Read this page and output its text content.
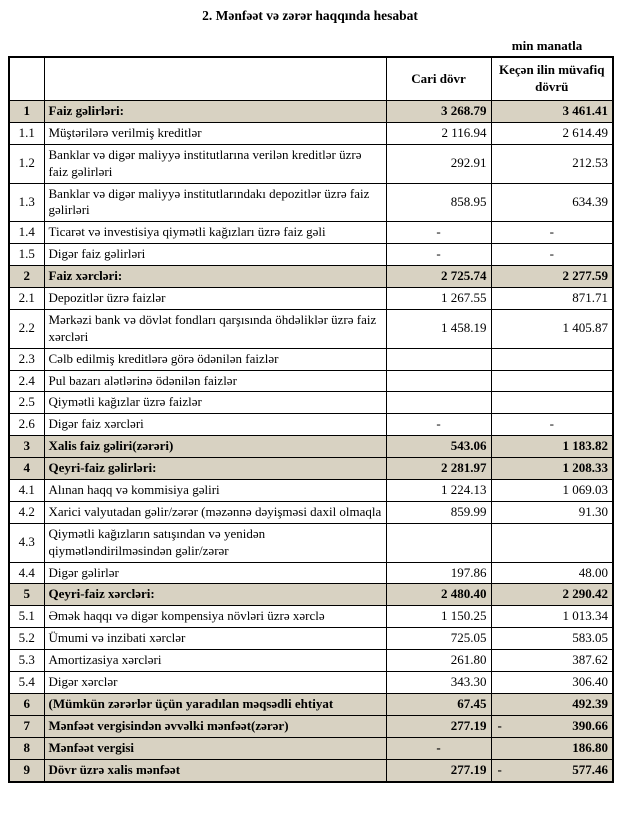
2. Mənfəət və zərər haqqında hesabat
min manatla
		Cari dövr	Keçən ilin müvafiq dövrü
1	Faiz gəlirləri:	3 268.79	3 461.41
1.1	Müştərilərə verilmiş kreditlər	2 116.94	2 614.49
1.2	Banklar və digər maliyyə institutlarına verilən kreditlər üzrə faiz gəlirləri	292.91	212.53
1.3	Banklar və digər maliyyə institutlarındakı depozitlər üzrə faiz gəlirləri	858.95	634.39
1.4	Ticarət və investisiya qiymətli kağızları üzrə faiz gəli	-	-
1.5	Digər faiz gəlirləri	-	-
2	Faiz xərcləri:	2 725.74	2 277.59
2.1	Depozitlər üzrə faizlər	1 267.55	871.71
2.2	Mərkəzi bank və dövlət fondları qarşısında öhdəliklər üzrə faiz xərcləri	1 458.19	1 405.87
2.3	Cəlb edilmiş kreditlərə görə ödənilən faizlər		
2.4	Pul bazarı alətlərinə ödənilən faizlər		
2.5	Qiymətli kağızlar üzrə faizlər		
2.6	Digər faiz xərcləri	-	-
3	Xalis faiz gəliri(zərəri)	543.06	1 183.82
4	Qeyri-faiz gəlirləri:	2 281.97	1 208.33
4.1	Alınan haqq və kommisiya gəliri	1 224.13	1 069.03
4.2	Xarici valyutadan gəlir/zərər (məzənnə dəyişməsi daxil olmaqla	859.99	91.30
4.3	Qiymətli kağızların satışından və yenidən qiymətləndirilməsindən gəlir/zərər		
4.4	Digər gəlirlər	197.86	48.00
5	Qeyri-faiz xərcləri:	2 480.40	2 290.42
5.1	Əmək haqqı və digər kompensiya növləri üzrə xərclə	1 150.25	1 013.34
5.2	Ümumi və inzibati xərclər	725.05	583.05
5.3	Amortizasiya xərcləri	261.80	387.62
5.4	Digər xərclər	343.30	306.40
6	(Mümkün zərərlər üçün yaradılan məqsədli ehtiyat	67.45	492.39
7	Mənfəət vergisindən əvvəlki mənfəət(zərər)	277.19	- 390.66
8	Mənfəət vergisi	-	186.80
9	Dövr üzrə xalis mənfəət	277.19	- 577.46
